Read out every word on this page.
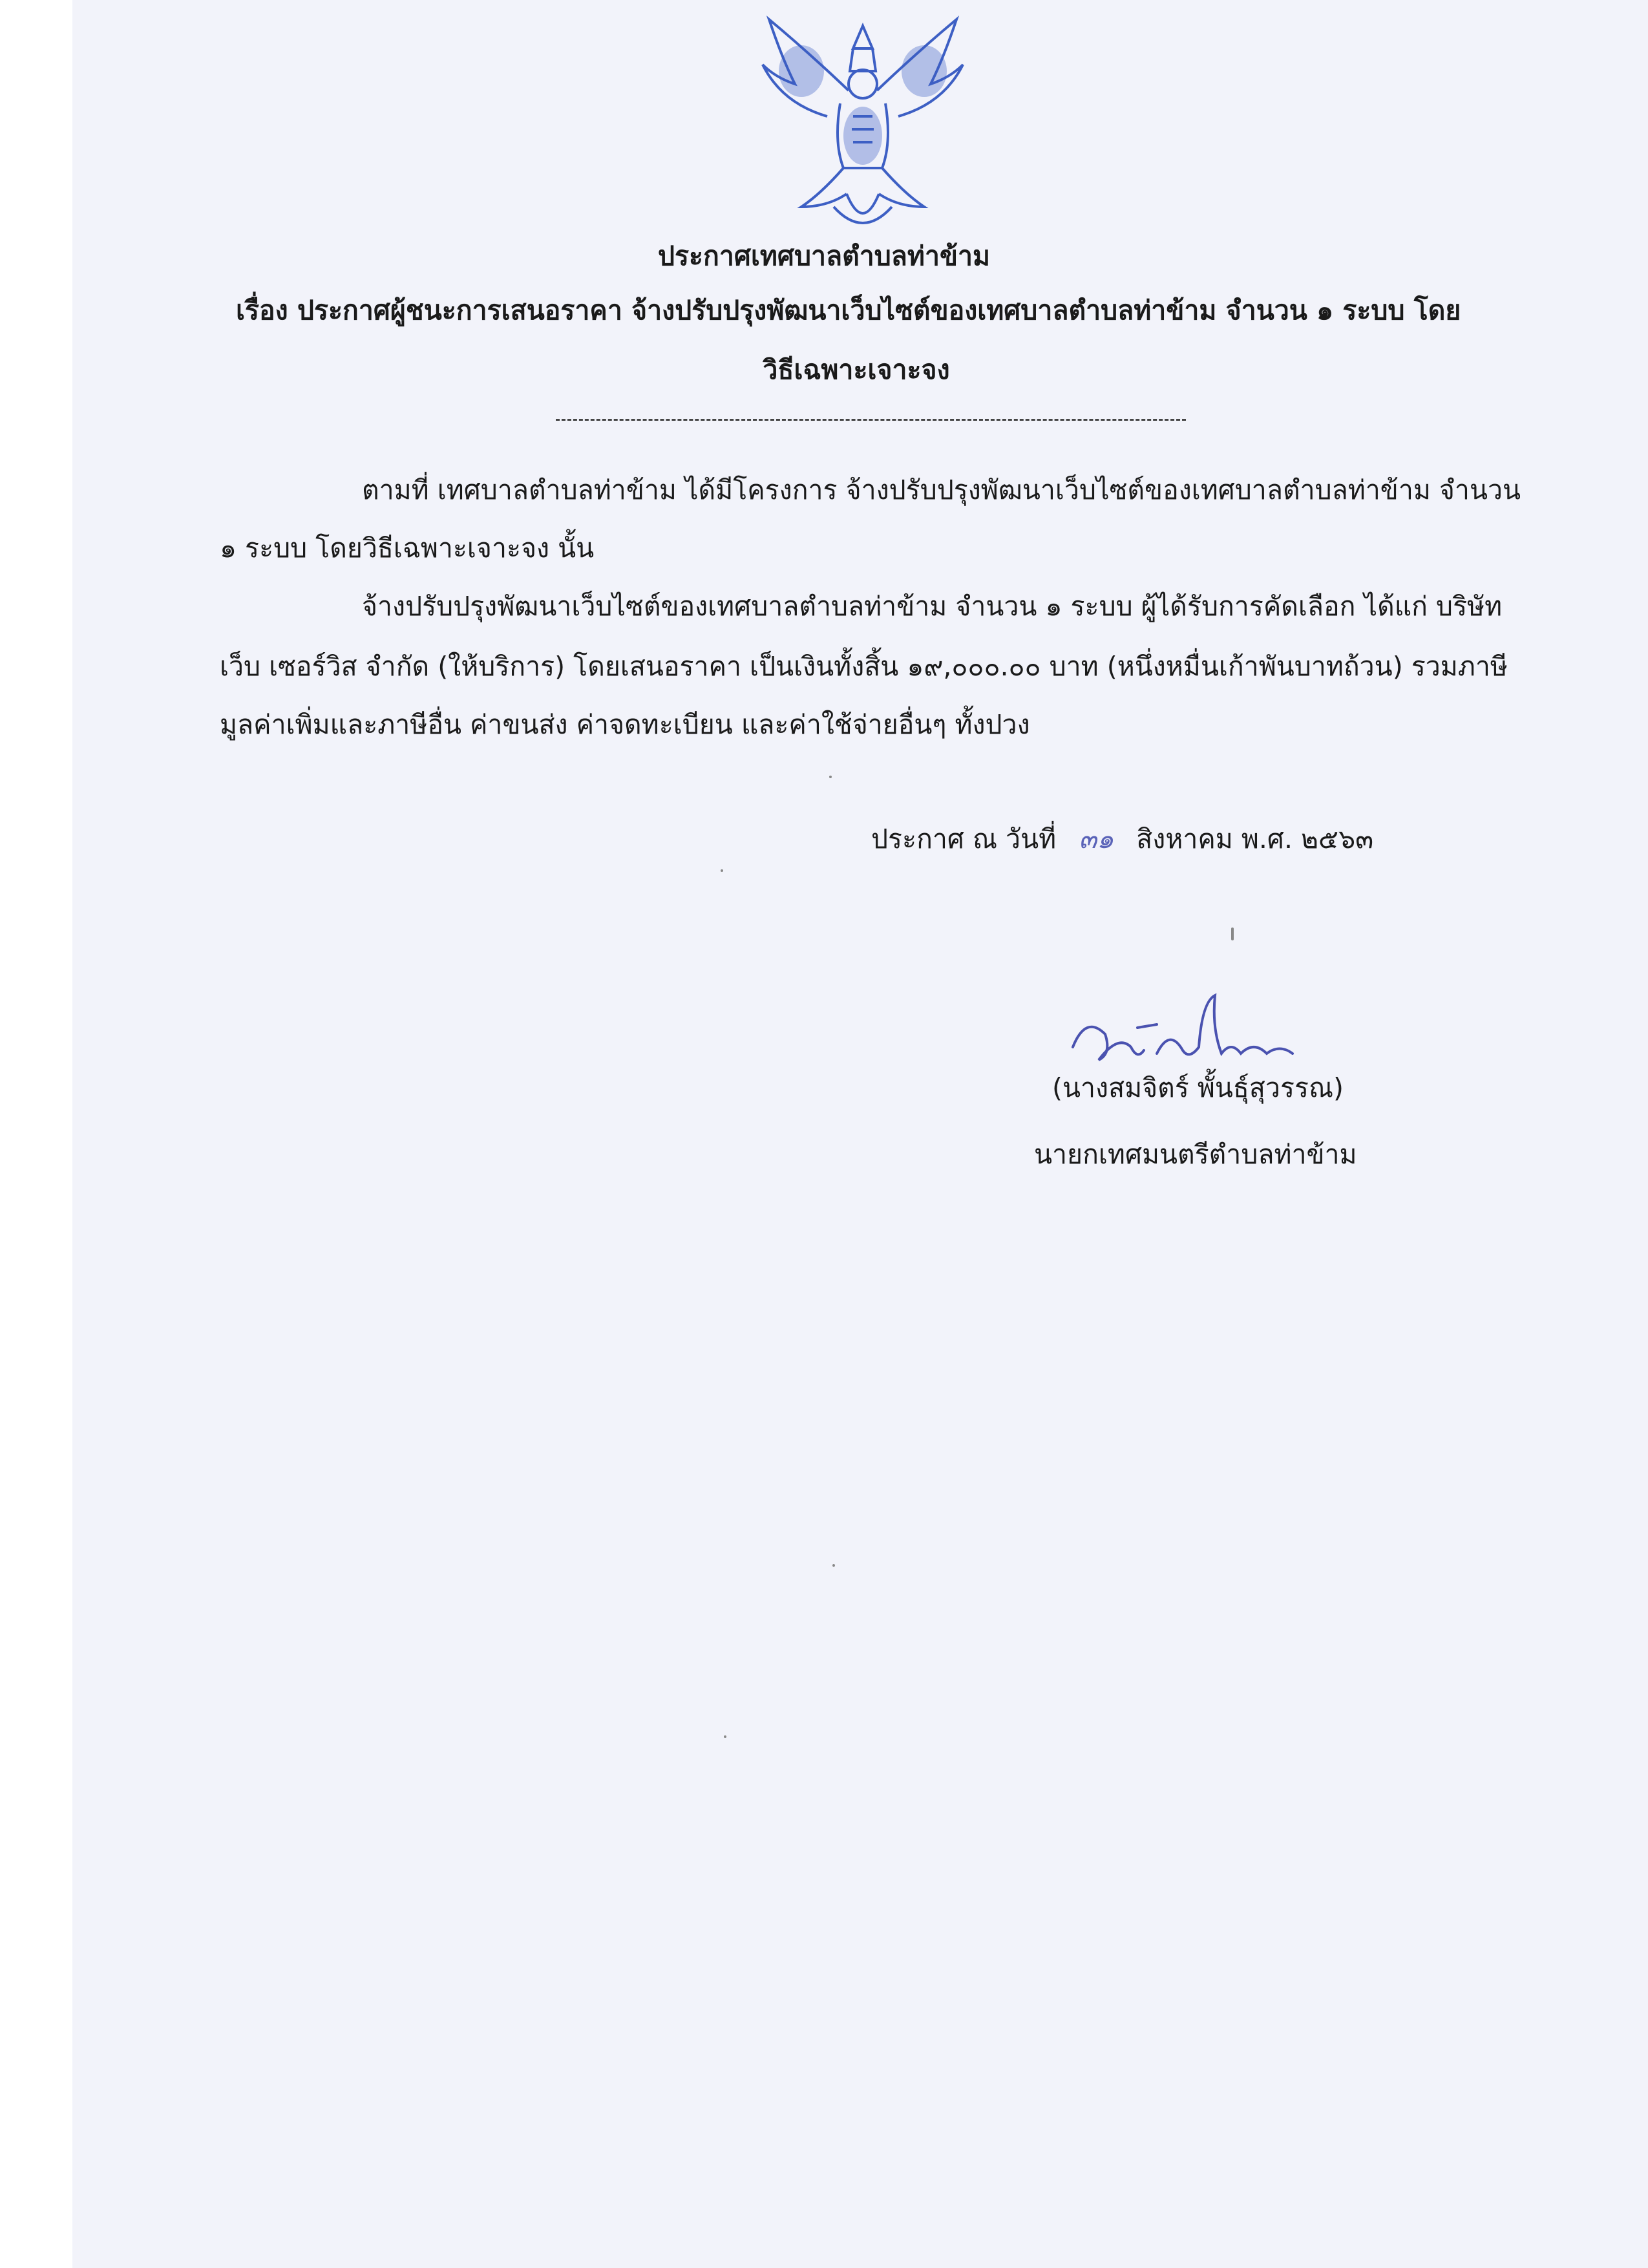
ประกาศเทศบาลตำบลท่าข้าม
เรื่อง ประกาศผู้ชนะการเสนอราคา จ้างปรับปรุงพัฒนาเว็บไซต์ของเทศบาลตำบลท่าข้าม จำนวน ๑ ระบบ โดย
วิธีเฉพาะเจาะจง
ตามที่ เทศบาลตำบลท่าข้าม ได้มีโครงการ จ้างปรับปรุงพัฒนาเว็บไซต์ของเทศบาลตำบลท่าข้าม จำนวน
๑ ระบบ โดยวิธีเฉพาะเจาะจง นั้น
จ้างปรับปรุงพัฒนาเว็บไซต์ของเทศบาลตำบลท่าข้าม จำนวน ๑ ระบบ ผู้ได้รับการคัดเลือก ได้แก่ บริษัท
เว็บ เซอร์วิส จำกัด (ให้บริการ) โดยเสนอราคา เป็นเงินทั้งสิ้น ๑๙,๐๐๐.๐๐ บาท (หนึ่งหมื่นเก้าพันบาทถ้วน) รวมภาษี
มูลค่าเพิ่มและภาษีอื่น ค่าขนส่ง ค่าจดทะเบียน และค่าใช้จ่ายอื่นๆ ทั้งปวง
ประกาศ ณ วันที่ ๓๑ สิงหาคม พ.ศ. ๒๕๖๓
(นางสมจิตร์ พั้นธุ์สุวรรณ)
นายกเทศมนตรีตำบลท่าข้าม
